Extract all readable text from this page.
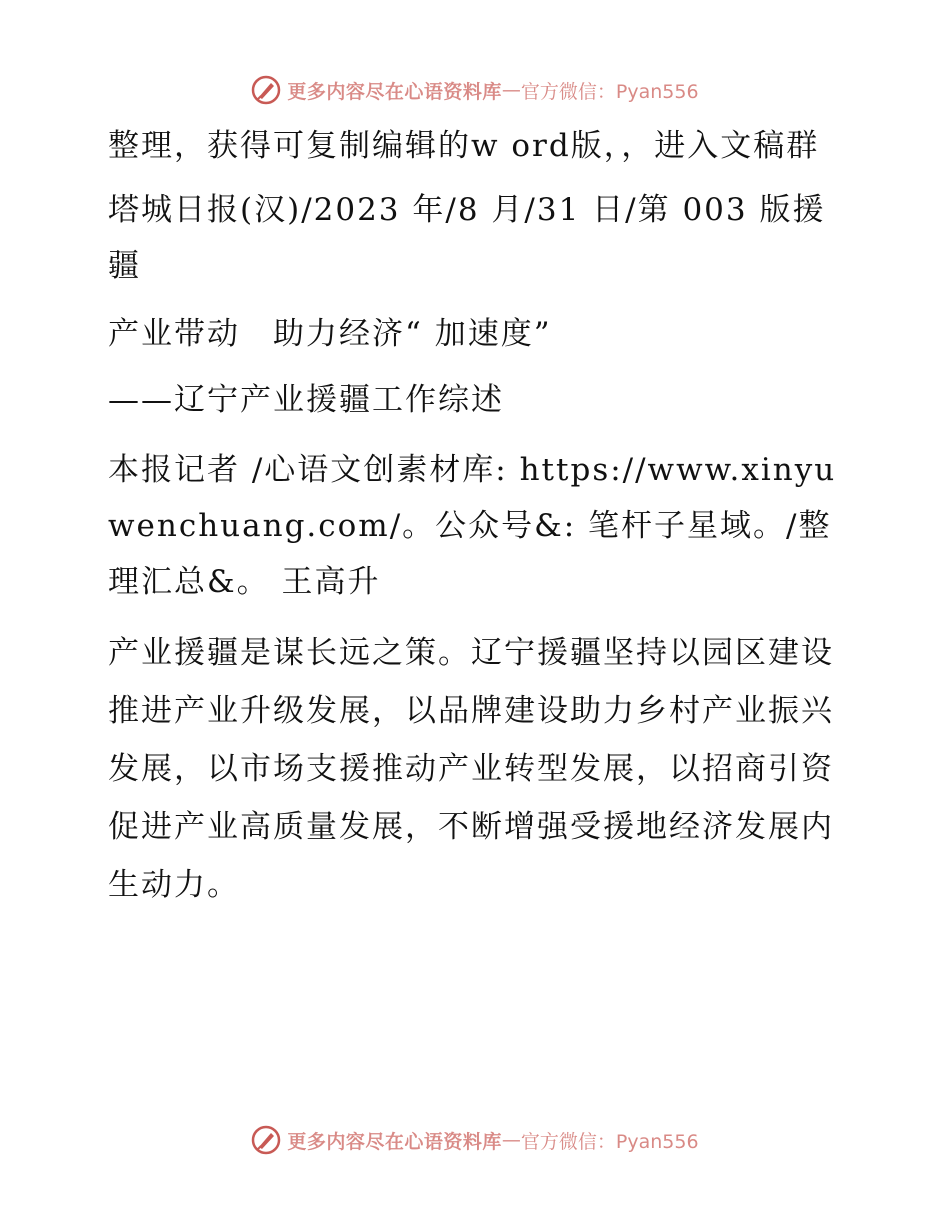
更多内容尽在心语资料库 — 官方微信：Pyan556

整理，获得可复制编辑的w ord版，，进入文稿群

塔城日报(汉)/2023 年/8 月/31 日/第 003 版援疆

产业带动　助力经济“ 加速度”

——辽宁产业援疆工作综述

本报记者 /心语文创素材库: https://www.xinyuwenchuang.com/。公众号&: 笔杆子星域。/整理汇总&。 王高升

产业援疆是谋长远之策。辽宁援疆坚持以园区建设推进产业升级发展，以品牌建设助力乡村产业振兴发展，以市场支援推动产业转型发展，以招商引资促进产业高质量发展，不断增强受援地经济发展内生动力。

更多内容尽在心语资料库 — 官方微信：Pyan556
